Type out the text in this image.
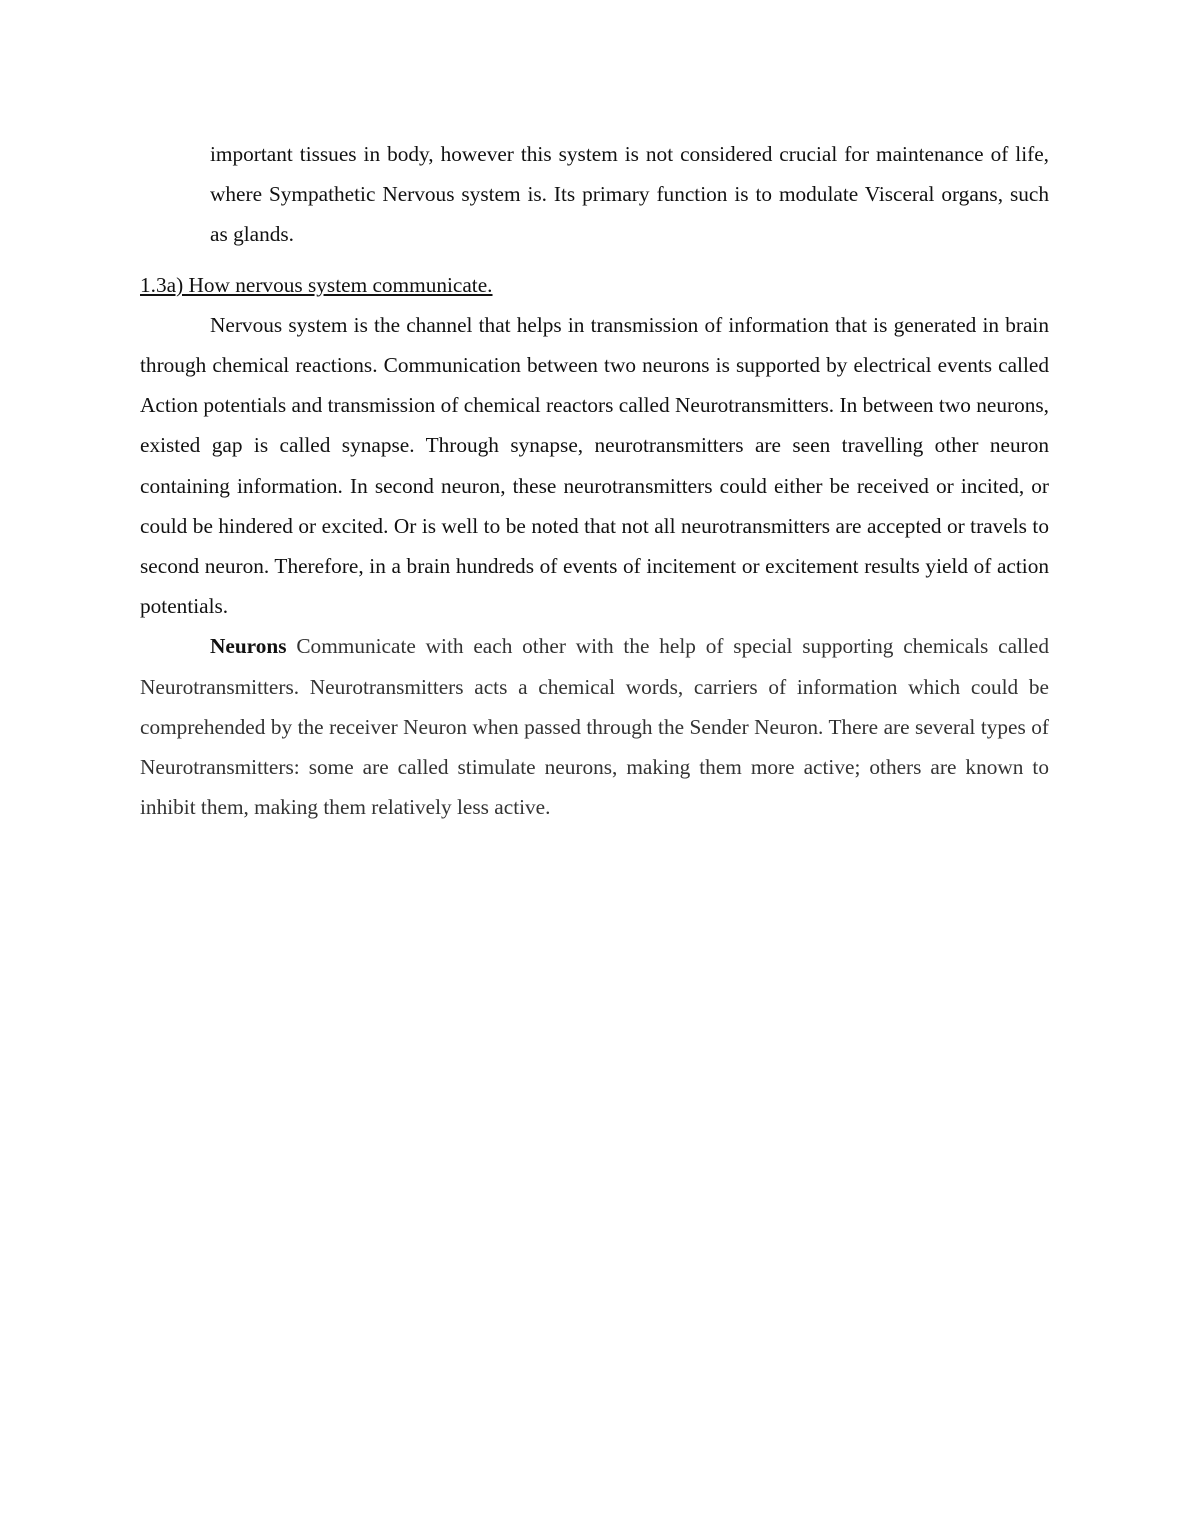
important tissues in body, however this system is not considered crucial for maintenance of life, where Sympathetic Nervous system is. Its primary function is to modulate Visceral organs, such as glands.

1.3a) How nervous system communicate.

Nervous system is the channel that helps in transmission of information that is generated in brain through chemical reactions. Communication between two neurons is supported by electrical events called Action potentials and transmission of chemical reactors called Neurotransmitters. In between two neurons, existed gap is called synapse. Through synapse, neurotransmitters are seen travelling other neuron containing information. In second neuron, these neurotransmitters could either be received or incited, or could be hindered or excited. Or is well to be noted that not all neurotransmitters are accepted or travels to second neuron. Therefore, in a brain hundreds of events of incitement or excitement results yield of action potentials.

Neurons Communicate with each other with the help of special supporting chemicals called Neurotransmitters. Neurotransmitters acts a chemical words, carriers of information which could be comprehended by the receiver Neuron when passed through the Sender Neuron. There are several types of Neurotransmitters: some are called stimulate neurons, making them more active; others are known to inhibit them, making them relatively less active.
